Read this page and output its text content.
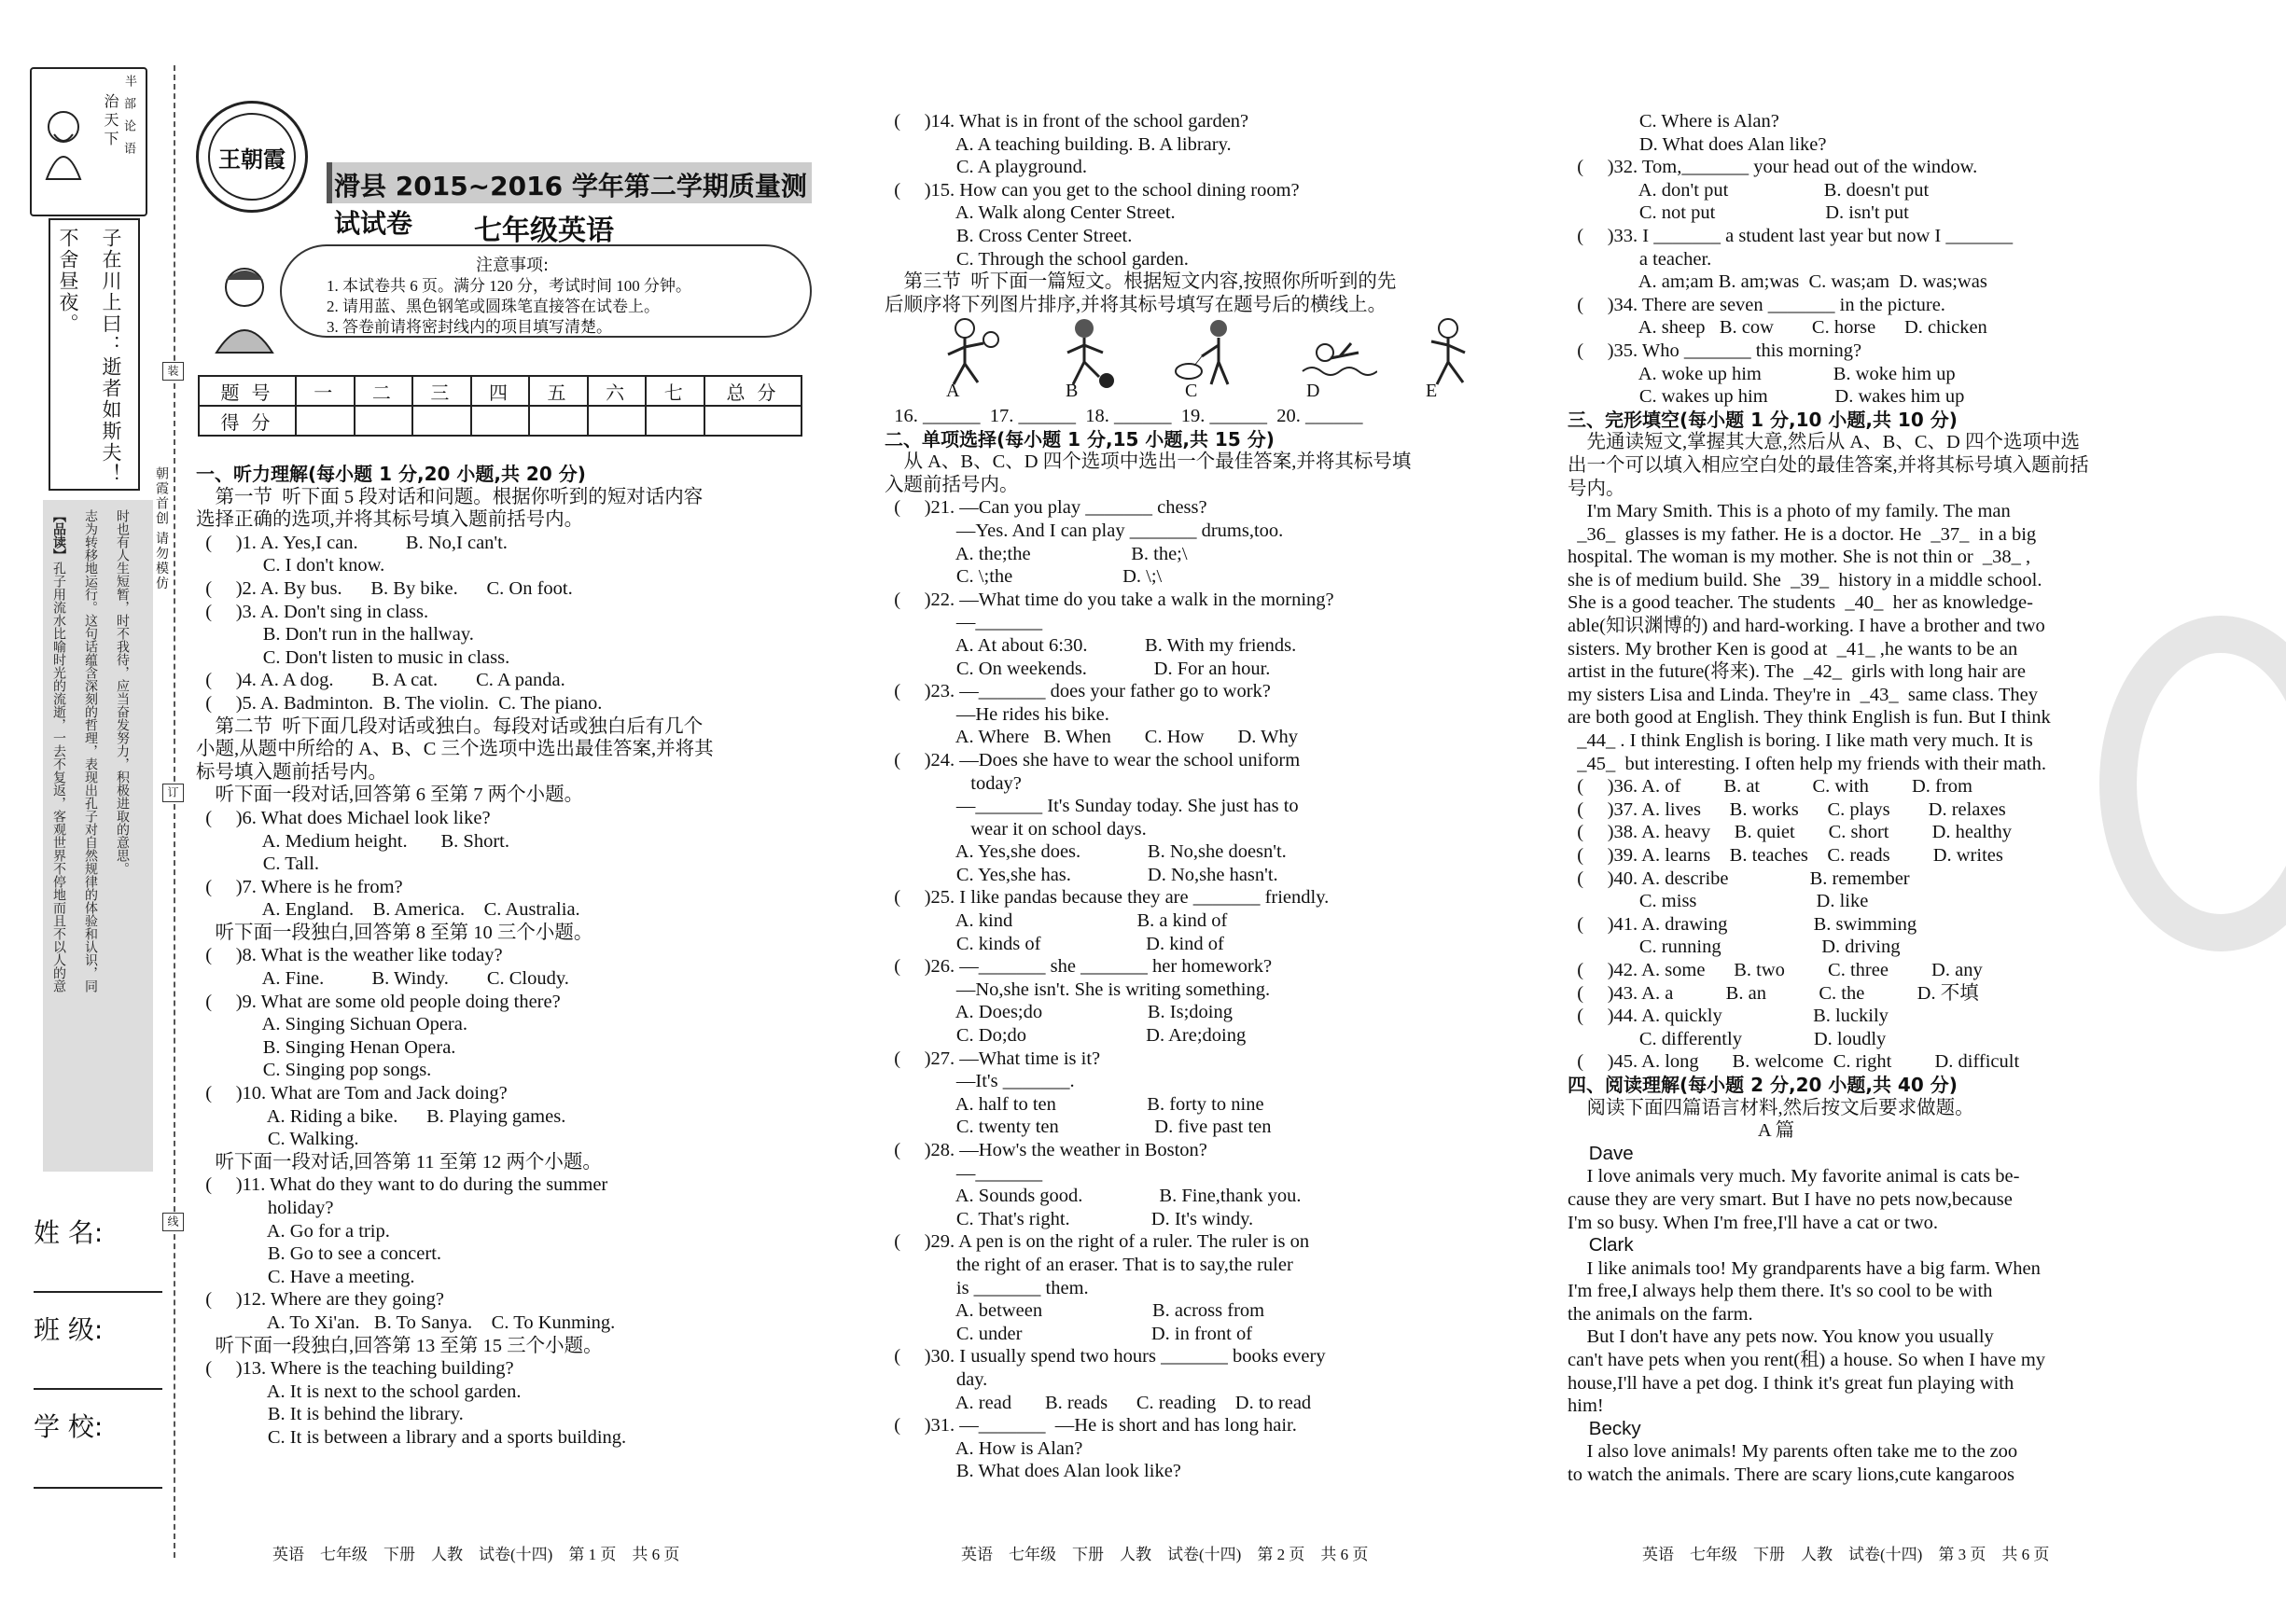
治天下
半
部
论
语
子在川上曰：逝者如斯夫！
不舍昼夜。
【品读】
孔子用流水比喻时光的流逝，一去不复返，客观世界不停地而且不以人的意 志为转移地运行。这句话蕴含深刻的哲理，表现出孔子对自然规律的体验和认识，同 时也有人生短暂，时不我待，应当奋发努力，积极进取的意思。
装
朝霞首创 请勿模仿
订
线
姓 名:
班 级:
学 校:
王朝霞
滑县 2015~2016 学年第二学期质量测试试卷	七年级英语
注意事项:
1. 本试卷共 6 页。满分 120 分，考试时间 100 分钟。
2. 请用蓝、黑色钢笔或圆珠笔直接答在试卷上。
3. 答卷前请将密封线内的项目填写清楚。
题 号	一	二	三	四	五	六	七	总 分
得 分								
一、听力理解(每小题 1 分,20 小题,共 20 分)
第一节  听下面 5 段对话和问题。根据你听到的短对话内容
选择正确的选项,并将其标号填入题前括号内。
(     )1. A. Yes,I can.          B. No,I can't.
C. I don't know.
(     )2. A. By bus.      B. By bike.      C. On foot.
(     )3. A. Don't sing in class.
B. Don't run in the hallway.
C. Don't listen to music in class.
(     )4. A. A dog.        B. A cat.        C. A panda.
(     )5. A. Badminton.  B. The violin.  C. The piano.
第二节  听下面几段对话或独白。每段对话或独白后有几个
小题,从题中所给的 A、B、C 三个选项中选出最佳答案,并将其
标号填入题前括号内。
听下面一段对话,回答第 6 至第 7 两个小题。
(     )6. What does Michael look like?
A. Medium height.       B. Short.
C. Tall.
(     )7. Where is he from?
A. England.    B. America.    C. Australia.
听下面一段独白,回答第 8 至第 10 三个小题。
(     )8. What is the weather like today?
A. Fine.          B. Windy.        C. Cloudy.
(     )9. What are some old people doing there?
A. Singing Sichuan Opera.
B. Singing Henan Opera.
C. Singing pop songs.
(     )10. What are Tom and Jack doing?
A. Riding a bike.      B. Playing games.
C. Walking.
听下面一段对话,回答第 11 至第 12 两个小题。
(     )11. What do they want to do during the summer
holiday?
A. Go for a trip.
B. Go to see a concert.
C. Have a meeting.
(     )12. Where are they going?
A. To Xi'an.   B. To Sanya.    C. To Kunming.
听下面一段独白,回答第 13 至第 15 三个小题。
(     )13. Where is the teaching building?
A. It is next to the school garden.
B. It is behind the library.
C. It is between a library and a sports building.
(     )14. What is in front of the school garden?
A. A teaching building. B. A library.
C. A playground.
(     )15. How can you get to the school dining room?
A. Walk along Center Street.
B. Cross Center Street.
C. Through the school garden.
第三节  听下面一篇短文。根据短文内容,按照你所听到的先
后顺序将下列图片排序,并将其标号填写在题号后的横线上。
A	B	C	D	E
16. ______  17. ______  18. ______  19. ______  20. ______
二、单项选择(每小题 1 分,15 小题,共 15 分)
从 A、B、C、D 四个选项中选出一个最佳答案,并将其标号填
入题前括号内。
(     )21. —Can you play _______ chess?
—Yes. And I can play _______ drums,too.
A. the;the                     B. the;\
C. \;the                       D. \;\
(     )22. —What time do you take a walk in the morning?
—_______
A. At about 6:30.            B. With my friends.
C. On weekends.              D. For an hour.
(     )23. —_______ does your father go to work?
—He rides his bike.
A. Where   B. When       C. How       D. Why
(     )24. —Does she have to wear the school uniform
today?
—_______ It's Sunday today. She just has to
wear it on school days.
A. Yes,she does.              B. No,she doesn't.
C. Yes,she has.                D. No,she hasn't.
(     )25. I like pandas because they are _______ friendly.
A. kind                          B. a kind of
C. kinds of                      D. kind of
(     )26. —_______ she _______ her homework?
—No,she isn't. She is writing something.
A. Does;do                      B. Is;doing
C. Do;do                         D. Are;doing
(     )27. —What time is it?
—It's _______.
A. half to ten                   B. forty to nine
C. twenty ten                    D. five past ten
(     )28. —How's the weather in Boston?
—_______
A. Sounds good.                B. Fine,thank you.
C. That's right.                 D. It's windy.
(     )29. A pen is on the right of a ruler. The ruler is on
the right of an eraser. That is to say,the ruler
is _______ them.
A. between                       B. across from
C. under                           D. in front of
(     )30. I usually spend two hours _______ books every
day.
A. read       B. reads      C. reading    D. to read
(     )31. —_______  —He is short and has long hair.
A. How is Alan?
B. What does Alan look like?
C. Where is Alan?
D. What does Alan like?
(     )32. Tom,_______ your head out of the window.
A. don't put                    B. doesn't put
C. not put                       D. isn't put
(     )33. I _______ a student last year but now I _______
a teacher.
A. am;am B. am;was  C. was;am  D. was;was
(     )34. There are seven _______ in the picture.
A. sheep   B. cow        C. horse      D. chicken
(     )35. Who _______ this morning?
A. woke up him               B. woke him up
C. wakes up him              D. wakes him up
三、完形填空(每小题 1 分,10 小题,共 10 分)
先通读短文,掌握其大意,然后从 A、B、C、D 四个选项中选
出一个可以填入相应空白处的最佳答案,并将其标号填入题前括
号内。
I'm Mary Smith. This is a photo of my family. The man
_36_  glasses is my father. He is a doctor. He  _37_  in a big
hospital. The woman is my mother. She is not thin or  _38_ ,
she is of medium build. She  _39_  history in a middle school.
She is a good teacher. The students  _40_  her as knowledge-
able(知识渊博的) and hard-working. I have a brother and two
sisters. My brother Ken is good at  _41_ ,he wants to be an
artist in the future(将来). The  _42_  girls with long hair are
my sisters Lisa and Linda. They're in  _43_  same class. They
are both good at English. They think English is fun. But I think
_44_ . I think English is boring. I like math very much. It is
_45_  but interesting. I often help my friends with their math.
(     )36. A. of         B. at           C. with         D. from
(     )37. A. lives      B. works      C. plays        D. relaxes
(     )38. A. heavy     B. quiet       C. short         D. healthy
(     )39. A. learns    B. teaches    C. reads         D. writes
(     )40. A. describe                 B. remember
C. miss                         D. like
(     )41. A. drawing                  B. swimming
C. running                     D. driving
(     )42. A. some      B. two         C. three         D. any
(     )43. A. a           B. an           C. the           D. 不填
(     )44. A. quickly                   B. luckily
C. differently               D. loudly
(     )45. A. long       B. welcome  C. right         D. difficult
四、阅读理解(每小题 2 分,20 小题,共 40 分)
阅读下面四篇语言材料,然后按文后要求做题。
A 篇
Dave
I love animals very much. My favorite animal is cats be-
cause they are very smart. But I have no pets now,because
I'm so busy. When I'm free,I'll have a cat or two.
Clark
I like animals too! My grandparents have a big farm. When
I'm free,I always help them there. It's so cool to be with
the animals on the farm.
But I don't have any pets now. You know you usually
can't have pets when you rent(租) a house. So when I have my
house,I'll have a pet dog. I think it's great fun playing with
him!
Becky
I also love animals! My parents often take me to the zoo
to watch the animals. There are scary lions,cute kangaroos
英语    七年级    下册    人教    试卷(十四)    第 1 页    共 6 页	英语    七年级    下册    人教    试卷(十四)    第 2 页    共 6 页	英语    七年级    下册    人教    试卷(十四)    第 3 页    共 6 页
